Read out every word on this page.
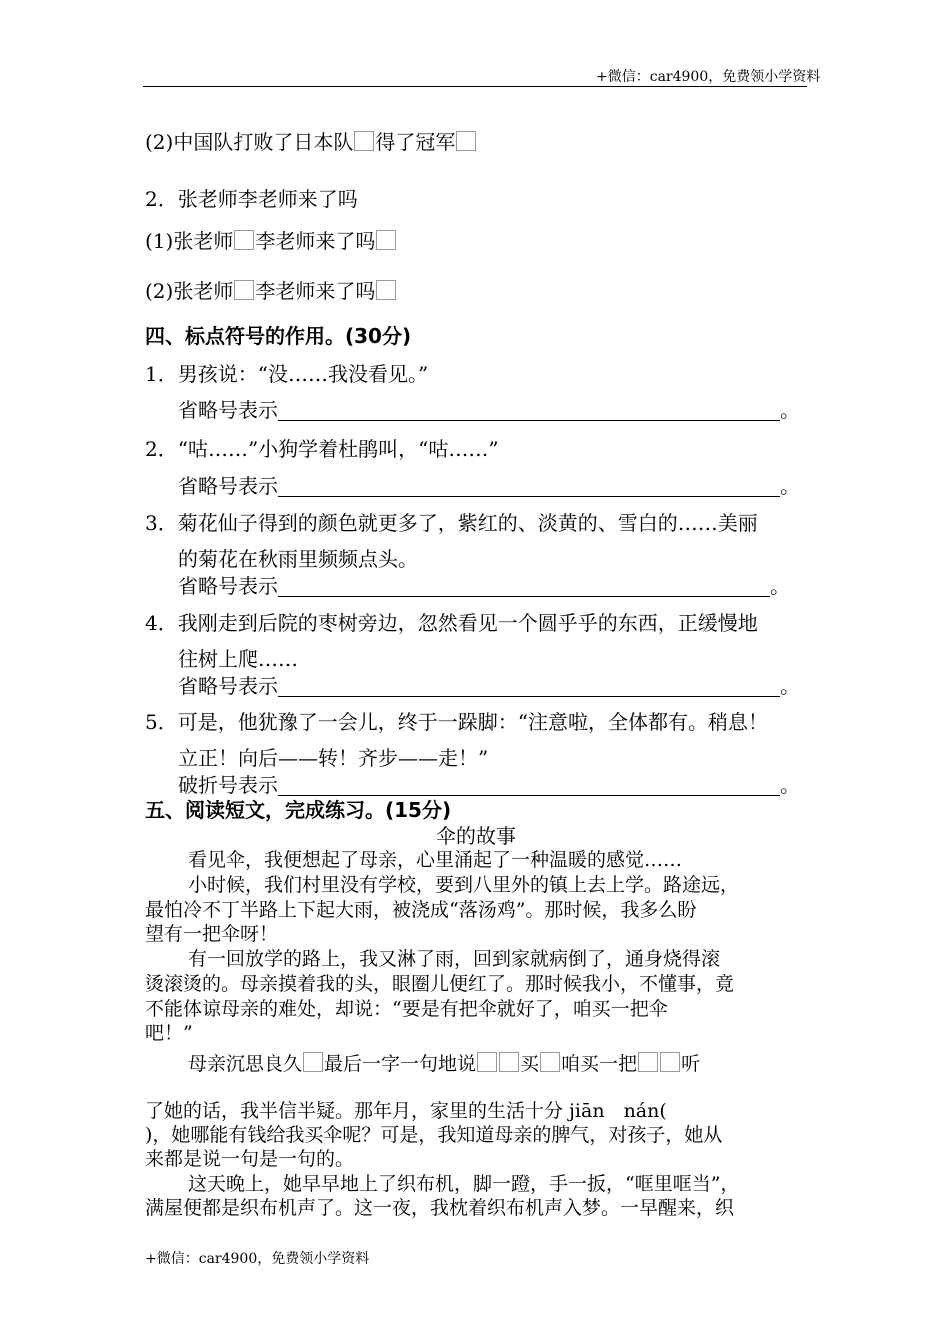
+微信：car4900，免费领小学资料
(2)中国队打败了日本队 得了冠军
2．张老师李老师来了吗
(1)张老师 李老师来了吗
(2)张老师 李老师来了吗
四、标点符号的作用。(30分)
1．男孩说：“没……我没看见。”
省略号表示	。
2．“咕……”小狗学着杜鹃叫，“咕……”
省略号表示	。
3．菊花仙子得到的颜色就更多了，紫红的、淡黄的、雪白的……美丽
的菊花在秋雨里频频点头。
省略号表示	。
4．我刚走到后院的枣树旁边，忽然看见一个圆乎乎的东西，正缓慢地
往树上爬……
省略号表示	。
5．可是，他犹豫了一会儿，终于一跺脚：“注意啦，全体都有。稍息！
立正！向后——转！齐步——走！”
破折号表示	。
五、阅读短文，完成练习。(15分)
伞的故事
看见伞，我便想起了母亲，心里涌起了一种温暖的感觉……
小时候，我们村里没有学校，要到八里外的镇上去上学。路途远，
最怕冷不丁半路上下起大雨，被浇成“落汤鸡”。那时候，我多么盼
望有一把伞呀！
有一回放学的路上，我又淋了雨，回到家就病倒了，通身烧得滚
烫滚烫的。母亲摸着我的头，眼圈儿便红了。那时候我小，不懂事，竟
不能体谅母亲的难处，却说：“要是有把伞就好了，咱买一把伞
吧！”
母亲沉思良久 最后一字一句地说 买 咱买一把 听
了她的话，我半信半疑。那年月，家里的生活十分 jiān　nán(
)，她哪能有钱给我买伞呢？可是，我知道母亲的脾气，对孩子，她从
来都是说一句是一句的。
这天晚上，她早早地上了织布机，脚一蹬，手一扳，“哐里哐当”，
满屋便都是织布机声了。这一夜，我枕着织布机声入梦。一早醒来，织
+微信：car4900，免费领小学资料
